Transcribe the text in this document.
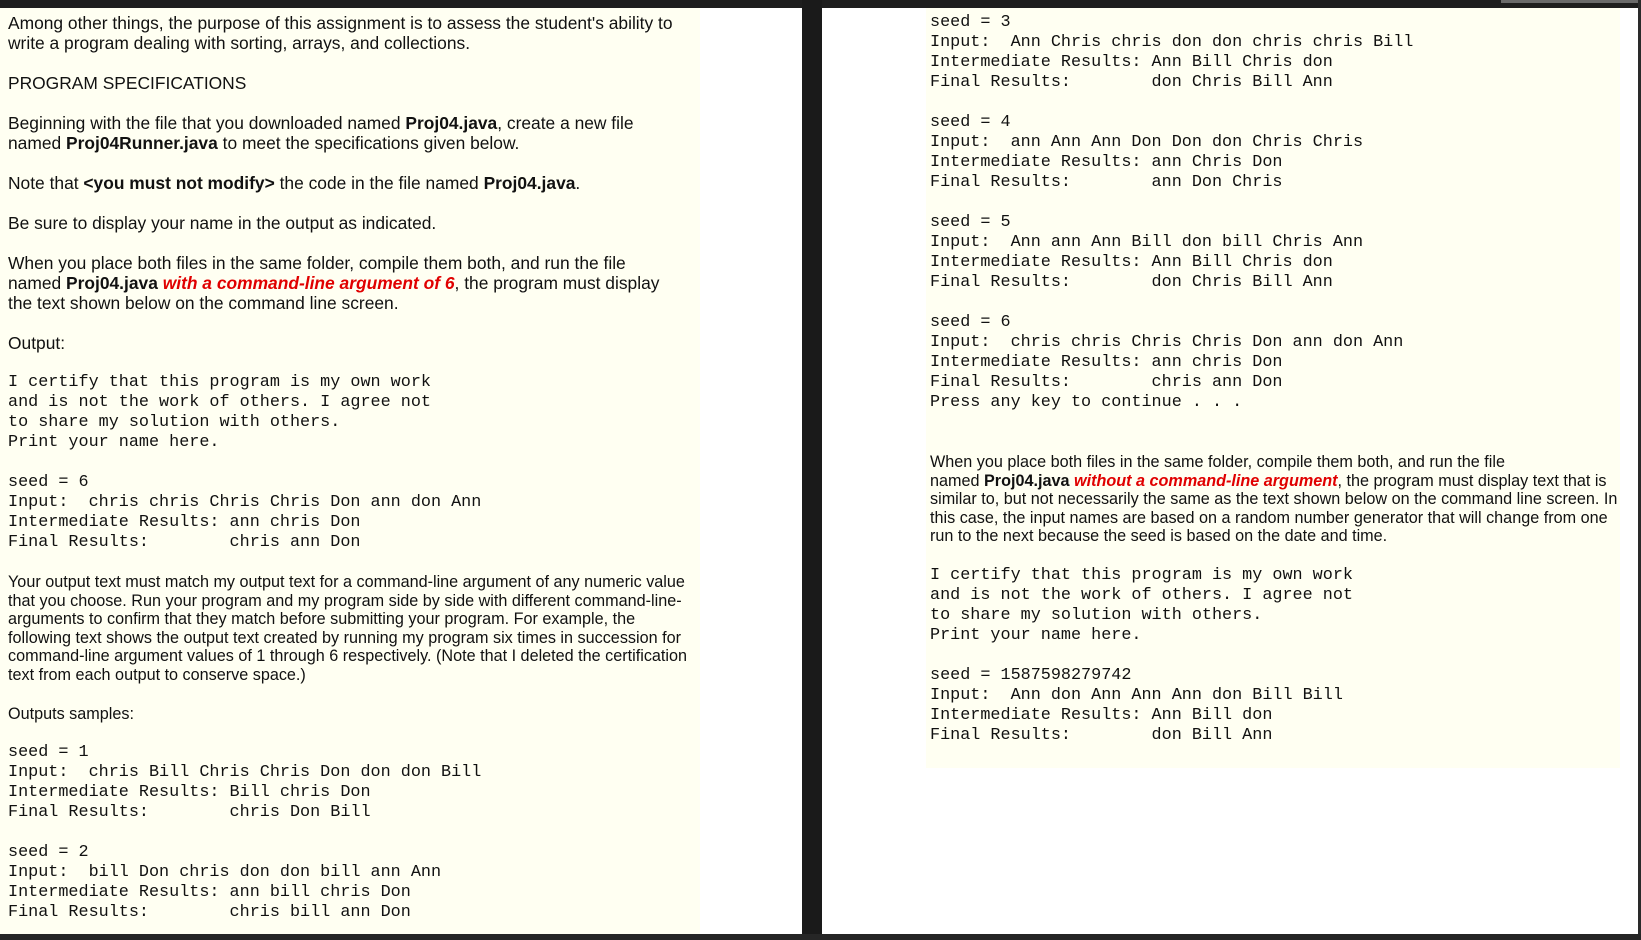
Among other things, the purpose of this assignment is to assess the student's ability to

write a program dealing with sorting, arrays, and collections.

PROGRAM SPECIFICATIONS

Beginning with the file that you downloaded named Proj04.java, create a new file

named Proj04Runner.java to meet the specifications given below.

Note that <you must not modify> the code in the file named Proj04.java.

Be sure to display your name in the output as indicated.

When you place both files in the same folder, compile them both, and run the file

named Proj04.java with a command-line argument of 6, the program must display

the text shown below on the command line screen.

Output:

I certify that this program is my own work

and is not the work of others. I agree not

to share my solution with others.

Print your name here.

seed = 6

Input:  chris chris Chris Chris Don ann don Ann

Intermediate Results: ann chris Don

Final Results:        chris ann Don

Your output text must match my output text for a command-line argument of any numeric value

that you choose. Run your program and my program side by side with different command-line-

arguments to confirm that they match before submitting your program. For example, the

following text shows the output text created by running my program six times in succession for

command-line argument values of 1 through 6 respectively. (Note that I deleted the certification

text from each output to conserve space.)

Outputs samples:

seed = 1

Input:  chris Bill Chris Chris Don don don Bill

Intermediate Results: Bill chris Don

Final Results:        chris Don Bill

seed = 2

Input:  bill Don chris don don bill ann Ann

Intermediate Results: ann bill chris Don

Final Results:        chris bill ann Don

seed = 3

Input:  Ann Chris chris don don chris chris Bill

Intermediate Results: Ann Bill Chris don

Final Results:        don Chris Bill Ann

seed = 4

Input:  ann Ann Ann Don Don don Chris Chris

Intermediate Results: ann Chris Don

Final Results:        ann Don Chris

seed = 5

Input:  Ann ann Ann Bill don bill Chris Ann

Intermediate Results: Ann Bill Chris don

Final Results:        don Chris Bill Ann

seed = 6

Input:  chris chris Chris Chris Don ann don Ann

Intermediate Results: ann chris Don

Final Results:        chris ann Don

Press any key to continue . . .

When you place both files in the same folder, compile them both, and run the file

named Proj04.java without a command-line argument, the program must display text that is

similar to, but not necessarily the same as the text shown below on the command line screen. In

this case, the input names are based on a random number generator that will change from one

run to the next because the seed is based on the date and time.

I certify that this program is my own work

and is not the work of others. I agree not

to share my solution with others.

Print your name here.

seed = 1587598279742

Input:  Ann don Ann Ann Ann don Bill Bill

Intermediate Results: Ann Bill don

Final Results:        don Bill Ann
